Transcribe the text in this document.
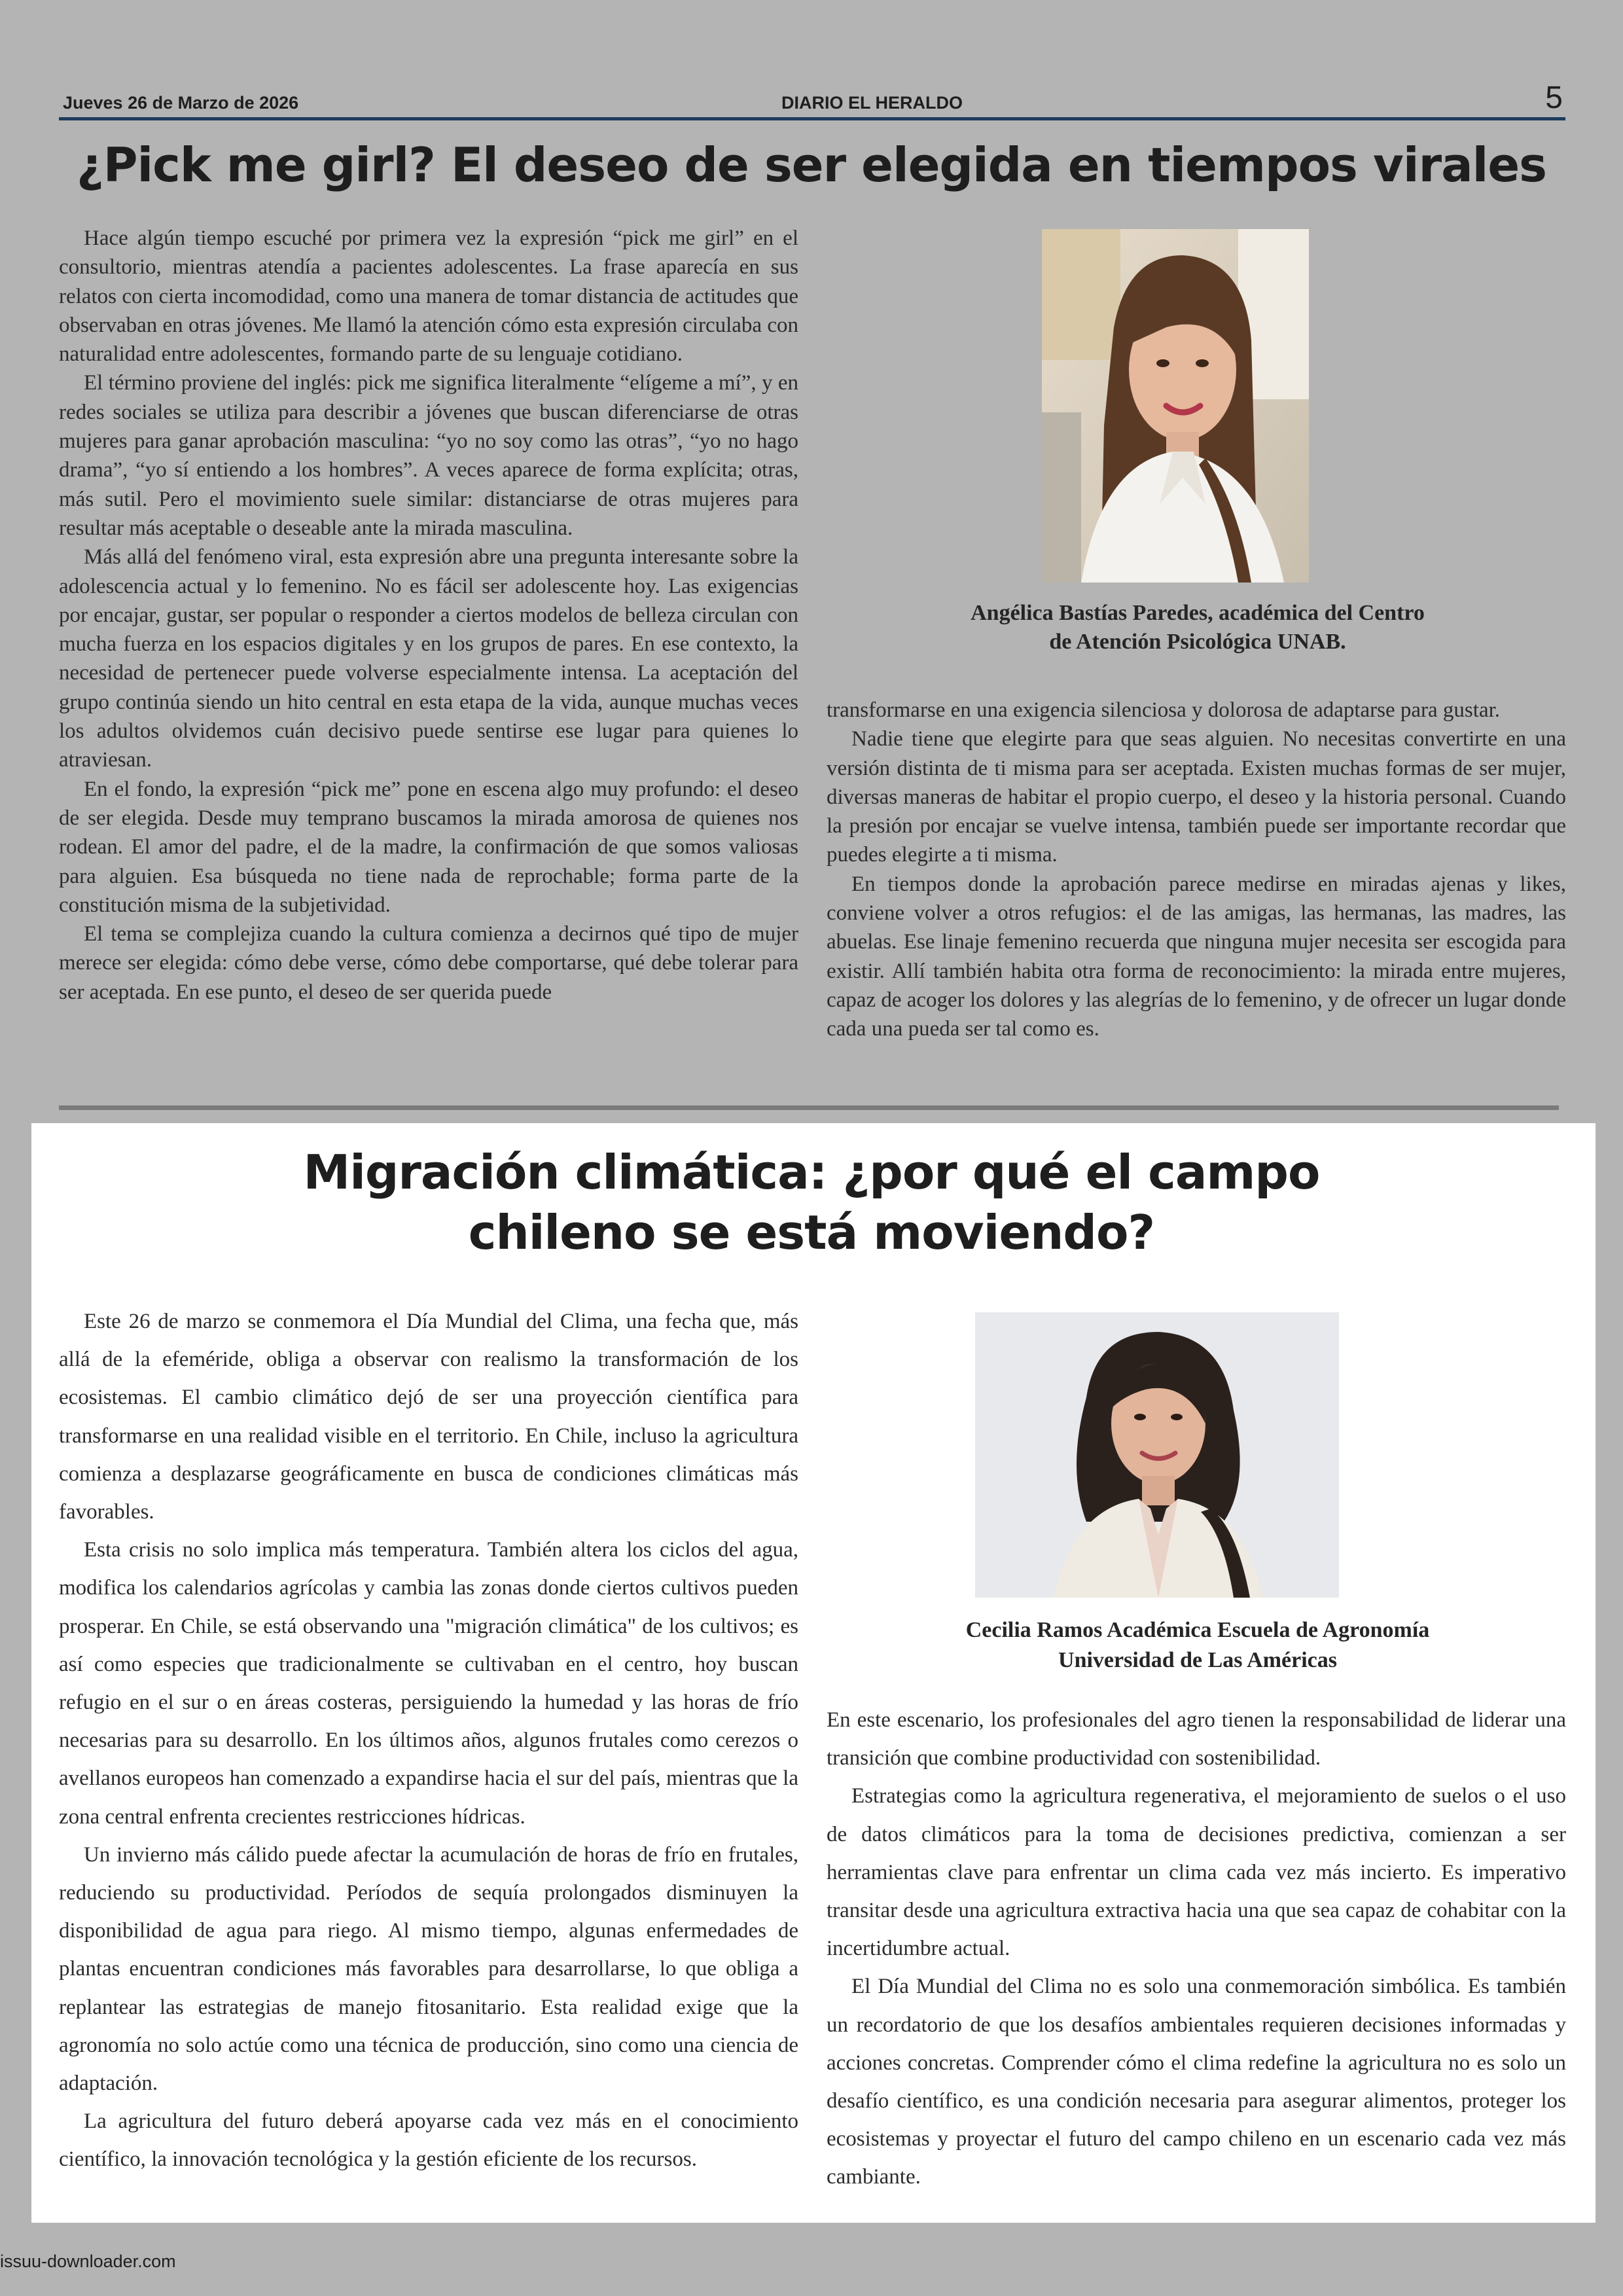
Jueves 26 de Marzo de 2026	DIARIO EL HERALDO	5
¿Pick me girl? El deseo de ser elegida en tiempos virales

Hace algún tiempo escuché por primera vez la expresión “pick me girl” en el consultorio, mientras atendía a pacientes adolescentes. La frase aparecía en sus relatos con cierta incomodidad, como una manera de tomar distancia de actitudes que observaban en otras jóvenes. Me llamó la atención cómo esta expresión circulaba con naturalidad entre adolescentes, formando parte de su lenguaje cotidiano.

El término proviene del inglés: pick me significa literalmente “elígeme a mí”, y en redes sociales se utiliza para describir a jóvenes que buscan diferenciarse de otras mujeres para ganar aprobación masculina: “yo no soy como las otras”, “yo no hago drama”, “yo sí entiendo a los hombres”. A veces aparece de forma explícita; otras, más sutil. Pero el movimiento suele similar: distanciarse de otras mujeres para resultar más aceptable o deseable ante la mirada masculina.

Más allá del fenómeno viral, esta expresión abre una pregunta interesante sobre la adolescencia actual y lo femenino. No es fácil ser adolescente hoy. Las exigencias por encajar, gustar, ser popular o responder a ciertos modelos de belleza circulan con mucha fuerza en los espacios digitales y en los grupos de pares. En ese contexto, la necesidad de pertenecer puede volverse especialmente intensa. La aceptación del grupo continúa siendo un hito central en esta etapa de la vida, aunque muchas veces los adultos olvidemos cuán decisivo puede sentirse ese lugar para quienes lo atraviesan.

En el fondo, la expresión “pick me” pone en escena algo muy profundo: el deseo de ser elegida. Desde muy temprano buscamos la mirada amorosa de quienes nos rodean. El amor del padre, el de la madre, la confirmación de que somos valiosas para alguien. Esa búsqueda no tiene nada de reprochable; forma parte de la constitución misma de la subjetividad.

El tema se complejiza cuando la cultura comienza a decirnos qué tipo de mujer merece ser elegida: cómo debe verse, cómo debe comportarse, qué debe tolerar para ser aceptada. En ese punto, el deseo de ser querida puede

Angélica Bastías Paredes, académica del Centro
de Atención Psicológica UNAB.

transformarse en una exigencia silenciosa y dolorosa de adaptarse para gustar.

Nadie tiene que elegirte para que seas alguien. No necesitas convertirte en una versión distinta de ti misma para ser aceptada. Existen muchas formas de ser mujer, diversas maneras de habitar el propio cuerpo, el deseo y la historia personal. Cuando la presión por encajar se vuelve intensa, también puede ser importante recordar que puedes elegirte a ti misma.

En tiempos donde la aprobación parece medirse en miradas ajenas y likes, conviene volver a otros refugios: el de las amigas, las hermanas, las madres, las abuelas. Ese linaje femenino recuerda que ninguna mujer necesita ser escogida para existir. Allí también habita otra forma de reconocimiento: la mirada entre mujeres, capaz de acoger los dolores y las alegrías de lo femenino, y de ofrecer un lugar donde cada una pueda ser tal como es.

Migración climática: ¿por qué el campo
chileno se está moviendo?

Este 26 de marzo se conmemora el Día Mundial del Clima, una fecha que, más allá de la efeméride, obliga a observar con realismo la transformación de los ecosistemas. El cambio climático dejó de ser una proyección científica para transformarse en una realidad visible en el territorio. En Chile, incluso la agricultura comienza a desplazarse geográficamente en busca de condiciones climáticas más favorables.

Esta crisis no solo implica más temperatura. También altera los ciclos del agua, modifica los calendarios agrícolas y cambia las zonas donde ciertos cultivos pueden prosperar. En Chile, se está observando una "migración climática" de los cultivos; es así como especies que tradicionalmente se cultivaban en el centro, hoy buscan refugio en el sur o en áreas costeras, persiguiendo la humedad y las horas de frío necesarias para su desarrollo. En los últimos años, algunos frutales como cerezos o avellanos europeos han comenzado a expandirse hacia el sur del país, mientras que la zona central enfrenta crecientes restricciones hídricas.

Un invierno más cálido puede afectar la acumulación de horas de frío en frutales, reduciendo su productividad. Períodos de sequía prolongados disminuyen la disponibilidad de agua para riego. Al mismo tiempo, algunas enfermedades de plantas encuentran condiciones más favorables para desarrollarse, lo que obliga a replantear las estrategias de manejo fitosanitario. Esta realidad exige que la agronomía no solo actúe como una técnica de producción, sino como una ciencia de adaptación.

La agricultura del futuro deberá apoyarse cada vez más en el conocimiento científico, la innovación tecnológica y la gestión eficiente de los recursos.

Cecilia Ramos Académica Escuela de Agronomía
Universidad de Las Américas

En este escenario, los profesionales del agro tienen la responsabilidad de liderar una transición que combine productividad con sostenibilidad.

Estrategias como la agricultura regenerativa, el mejoramiento de suelos o el uso de datos climáticos para la toma de decisiones predictiva, comienzan a ser herramientas clave para enfrentar un clima cada vez más incierto. Es imperativo transitar desde una agricultura extractiva hacia una que sea capaz de cohabitar con la incertidumbre actual.

El Día Mundial del Clima no es solo una conmemoración simbólica. Es también un recordatorio de que los desafíos ambientales requieren decisiones informadas y acciones concretas. Comprender cómo el clima redefine la agricultura no es solo un desafío científico, es una condición necesaria para asegurar alimentos, proteger los ecosistemas y proyectar el futuro del campo chileno en un escenario cada vez más cambiante.

issuu-downloader.com
